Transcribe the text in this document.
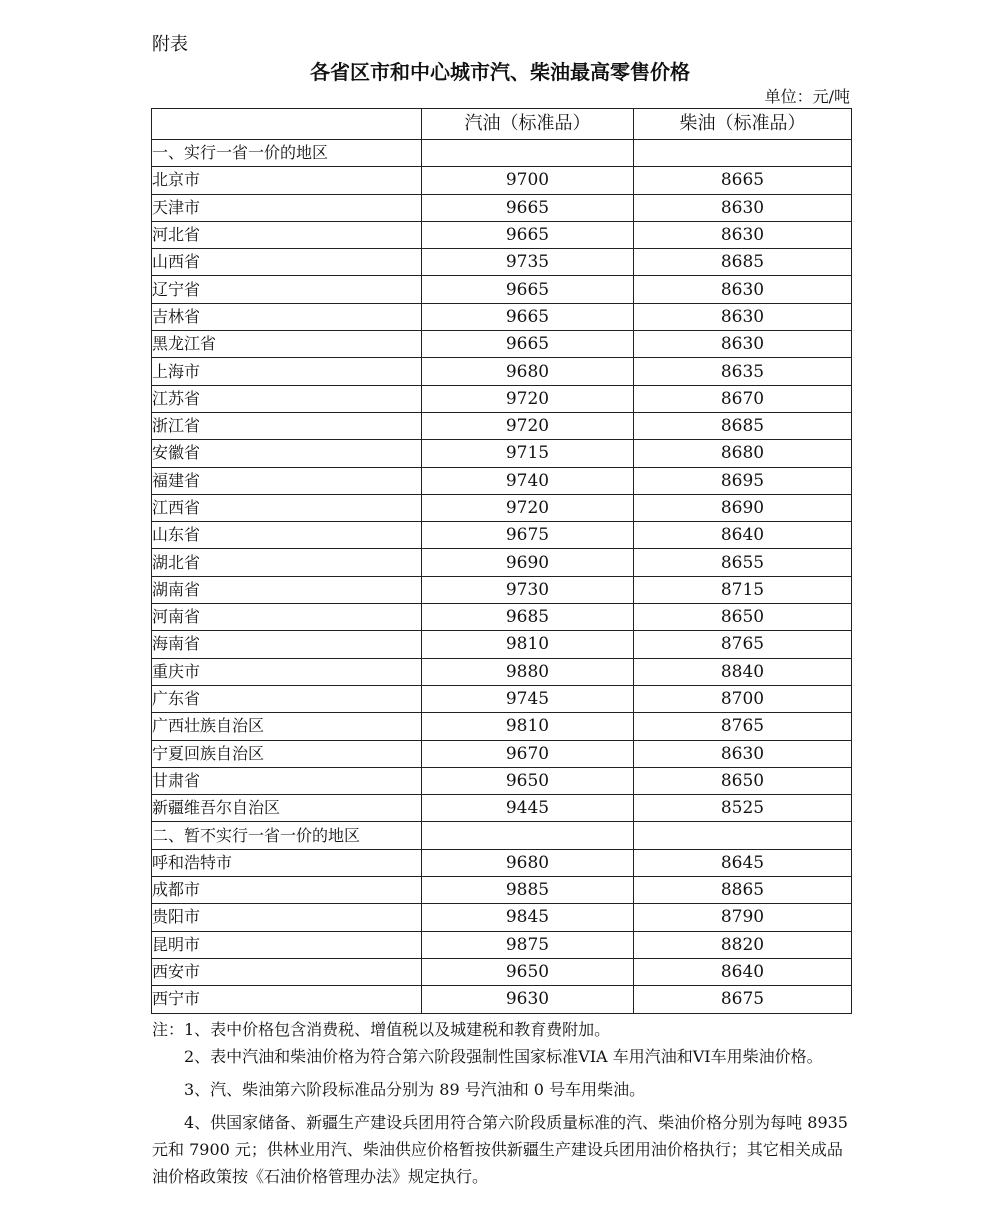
附表
各省区市和中心城市汽、柴油最高零售价格
单位：元/吨
	汽油（标准品）	柴油（标准品）
一、实行一省一价的地区		
北京市	9700	8665
天津市	9665	8630
河北省	9665	8630
山西省	9735	8685
辽宁省	9665	8630
吉林省	9665	8630
黑龙江省	9665	8630
上海市	9680	8635
江苏省	9720	8670
浙江省	9720	8685
安徽省	9715	8680
福建省	9740	8695
江西省	9720	8690
山东省	9675	8640
湖北省	9690	8655
湖南省	9730	8715
河南省	9685	8650
海南省	9810	8765
重庆市	9880	8840
广东省	9745	8700
广西壮族自治区	9810	8765
宁夏回族自治区	9670	8630
甘肃省	9650	8650
新疆维吾尔自治区	9445	8525
二、暂不实行一省一价的地区		
呼和浩特市	9680	8645
成都市	9885	8865
贵阳市	9845	8790
昆明市	9875	8820
西安市	9650	8640
西宁市	9630	8675

注：1、表中价格包含消费税、增值税以及城建税和教育费附加。

2、表中汽油和柴油价格为符合第六阶段强制性国家标准VIA 车用汽油和VI车用柴油价格。

3、汽、柴油第六阶段标准品分别为 89 号汽油和 0 号车用柴油。

4、供国家储备、新疆生产建设兵团用符合第六阶段质量标准的汽、柴油价格分别为每吨 8935 元和 7900 元；供林业用汽、柴油供应价格暂按供新疆生产建设兵团用油价格执行；其它相关成品油价格政策按《石油价格管理办法》规定执行。
